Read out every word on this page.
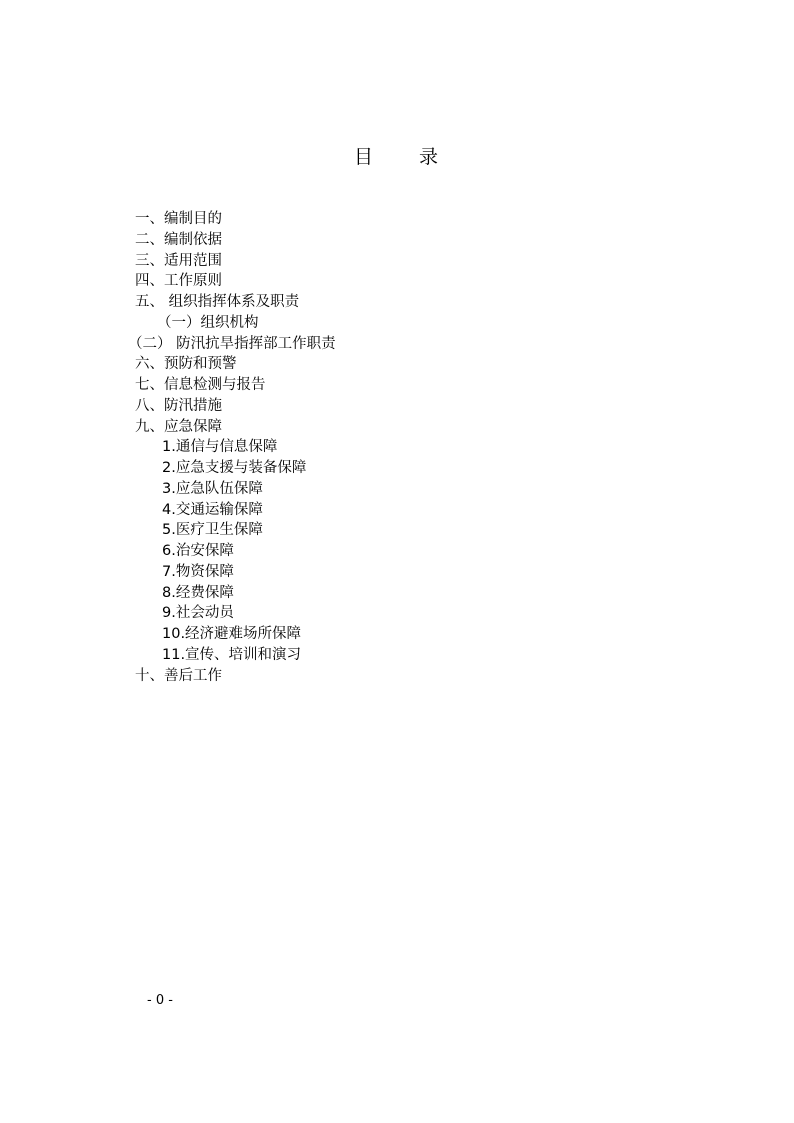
目 录
一、编制目的
二、编制依据
三、适用范围
四、工作原则
五、 组织指挥体系及职责
（一）组织机构
（二） 防汛抗旱指挥部工作职责
六、预防和预警
七、信息检测与报告
八、防汛措施
九、应急保障
1.通信与信息保障
2.应急支援与装备保障
3.应急队伍保障
4.交通运输保障
5.医疗卫生保障
6.治安保障
7.物资保障
8.经费保障
9.社会动员
10.经济避难场所保障
11.宣传、培训和演习
十、善后工作
- 0 -
